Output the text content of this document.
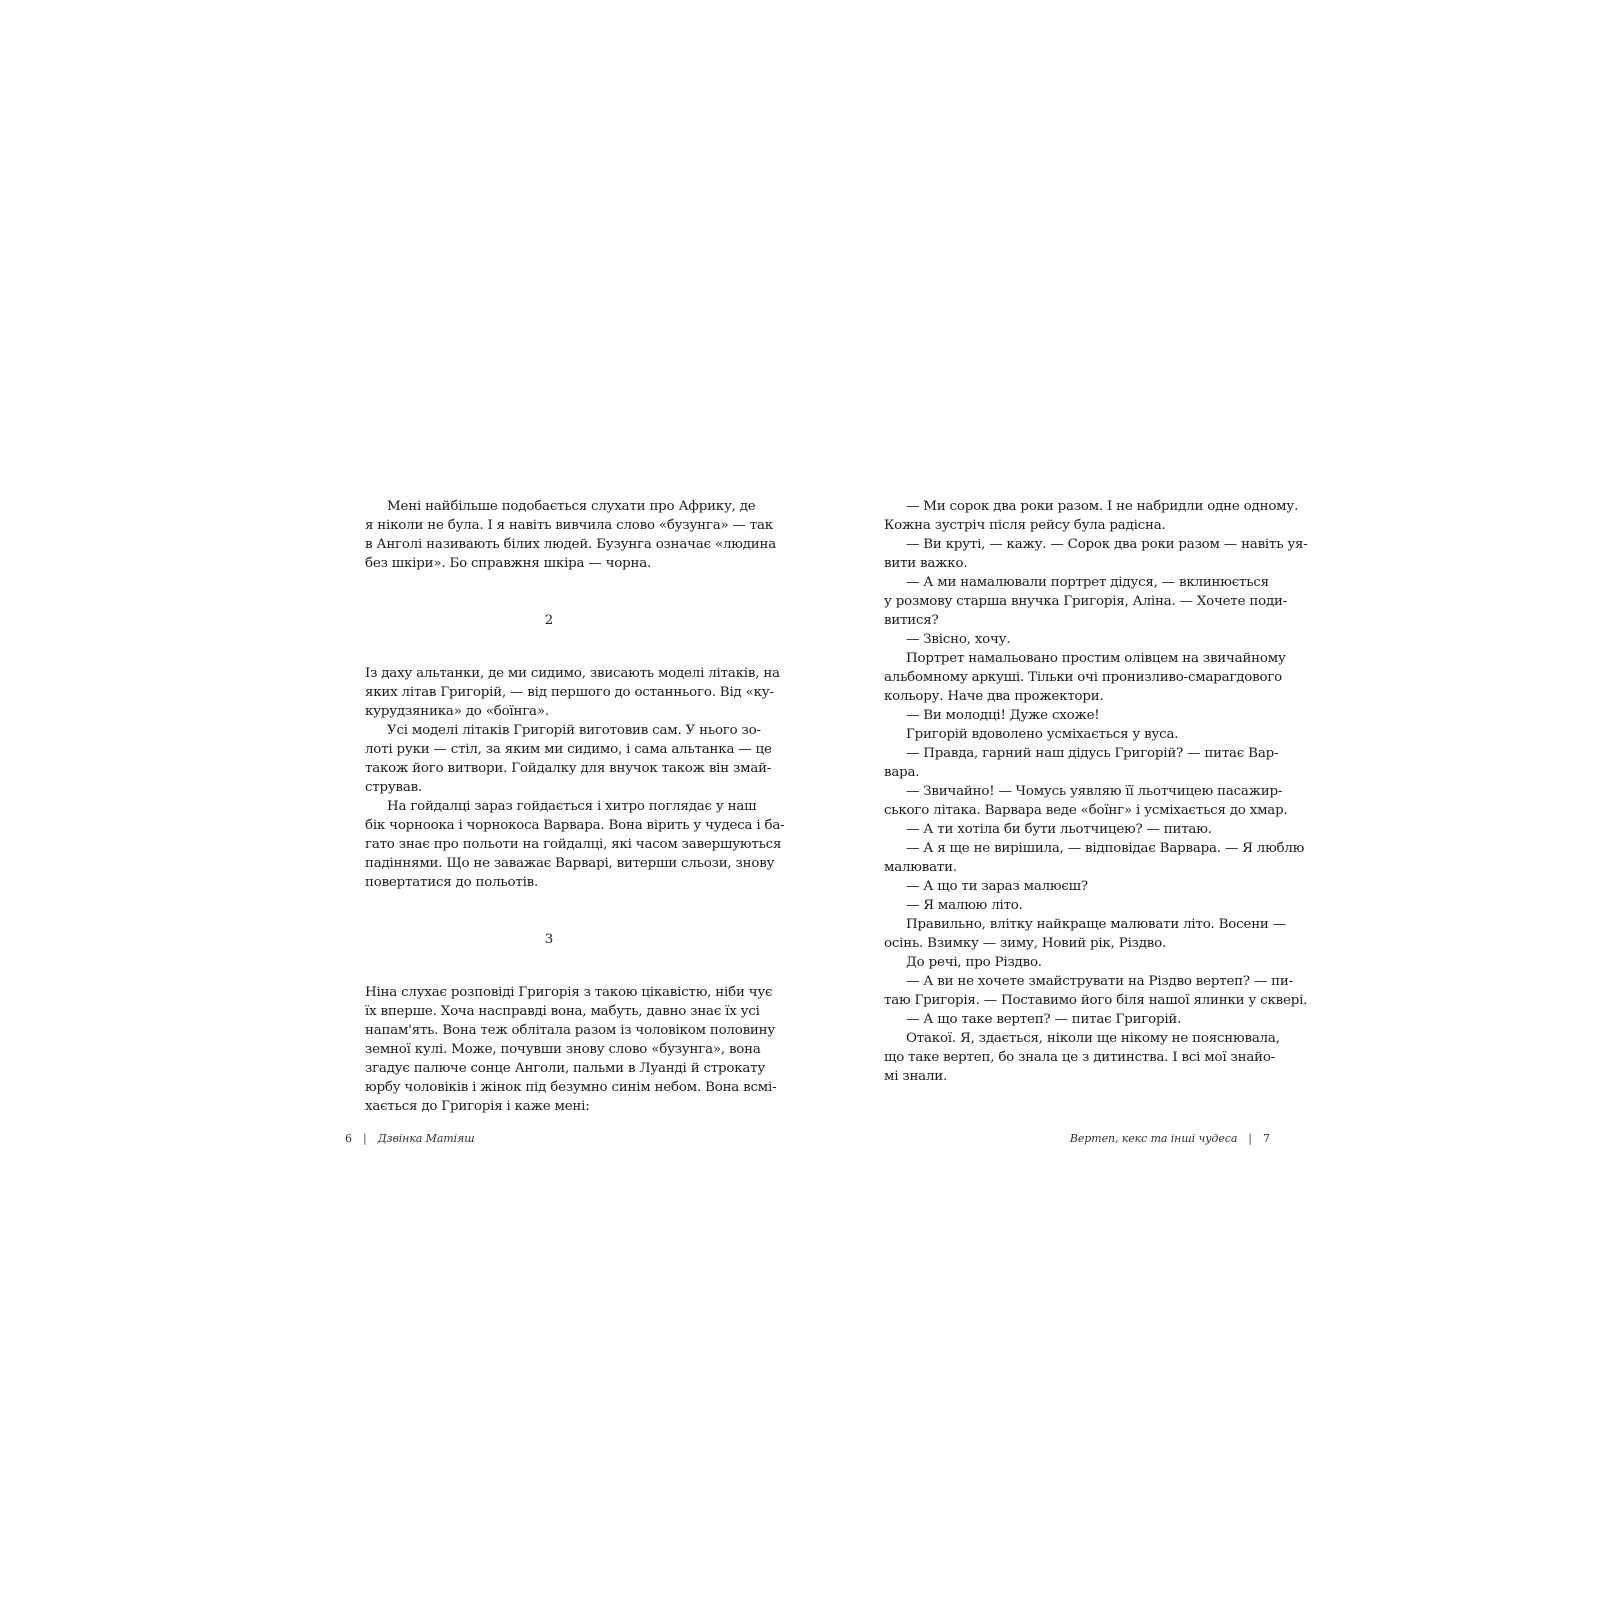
Мені найбільше подобається слухати про Африку, де
я ніколи не була. І я навіть вивчила слово «бузунга» — так
в Анголі називають білих людей. Бузунга означає «людина
без шкіри». Бо справжня шкіра — чорна.
2
Із даху альтанки, де ми сидимо, звисають моделі літаків, на
яких літав Григорій, — від першого до останнього. Від «ку-
курудзяника» до «боїнга».
Усі моделі літаків Григорій виготовив сам. У нього зо-
лоті руки — стіл, за яким ми сидимо, і сама альтанка — це
також його витвори. Гойдалку для внучок також він змай-
стрував.
На гойдалці зараз гойдається і хитро поглядає у наш
бік чорноока і чорнокоса Варвара. Вона вірить у чудеса і ба-
гато знає про польоти на гойдалці, які часом завершуються
падіннями. Що не заважає Варварі, витерши сльози, знову
повертатися до польотів.
3
Ніна слухає розповіді Григорія з такою цікавістю, ніби чує
їх вперше. Хоча насправді вона, мабуть, давно знає їх усі
напам'ять. Вона теж облітала разом із чоловіком половину
земної кулі. Може, почувши знову слово «бузунга», вона
згадує палюче сонце Анголи, пальми в Луанді й строкату
юрбу чоловіків і жінок під безумно синім небом. Вона всмі-
хається до Григорія і каже мені:
— Ми сорок два роки разом. І не набридли одне одному.
Кожна зустріч після рейсу була радісна.
— Ви круті, — кажу. — Сорок два роки разом — навіть уя-
вити важко.
— А ми намалювали портрет дідуся, — вклинюється
у розмову старша внучка Григорія, Аліна. — Хочете поди-
витися?
— Звісно, хочу.
Портрет намальовано простим олівцем на звичайному
альбомному аркуші. Тільки очі пронизливо-смарагдового
кольору. Наче два прожектори.
— Ви молодці! Дуже схоже!
Григорій вдоволено усміхається у вуса.
— Правда, гарний наш дідусь Григорій? — питає Вар-
вара.
— Звичайно! — Чомусь уявляю її льотчицею пасажир-
ського літака. Варвара веде «боїнг» і усміхається до хмар.
— А ти хотіла би бути льотчицею? — питаю.
— А я ще не вирішила, — відповідає Варвара. — Я люблю
малювати.
— А що ти зараз малюєш?
— Я малюю літо.
Правильно, влітку найкраще малювати літо. Восени —
осінь. Взимку — зиму, Новий рік, Різдво.
До речі, про Різдво.
— А ви не хочете змайструвати на Різдво вертеп? — пи-
таю Григорія. — Поставимо його біля нашої ялинки у сквері.
— А що таке вертеп? — питає Григорій.
Отакої. Я, здається, ніколи ще нікому не пояснювала,
що таке вертеп, бо знала це з дитинства. І всі мої знайо-
мі знали.
6 | Дзвінка Матіяш	Вертеп, кекс та інші чудеса | 7
